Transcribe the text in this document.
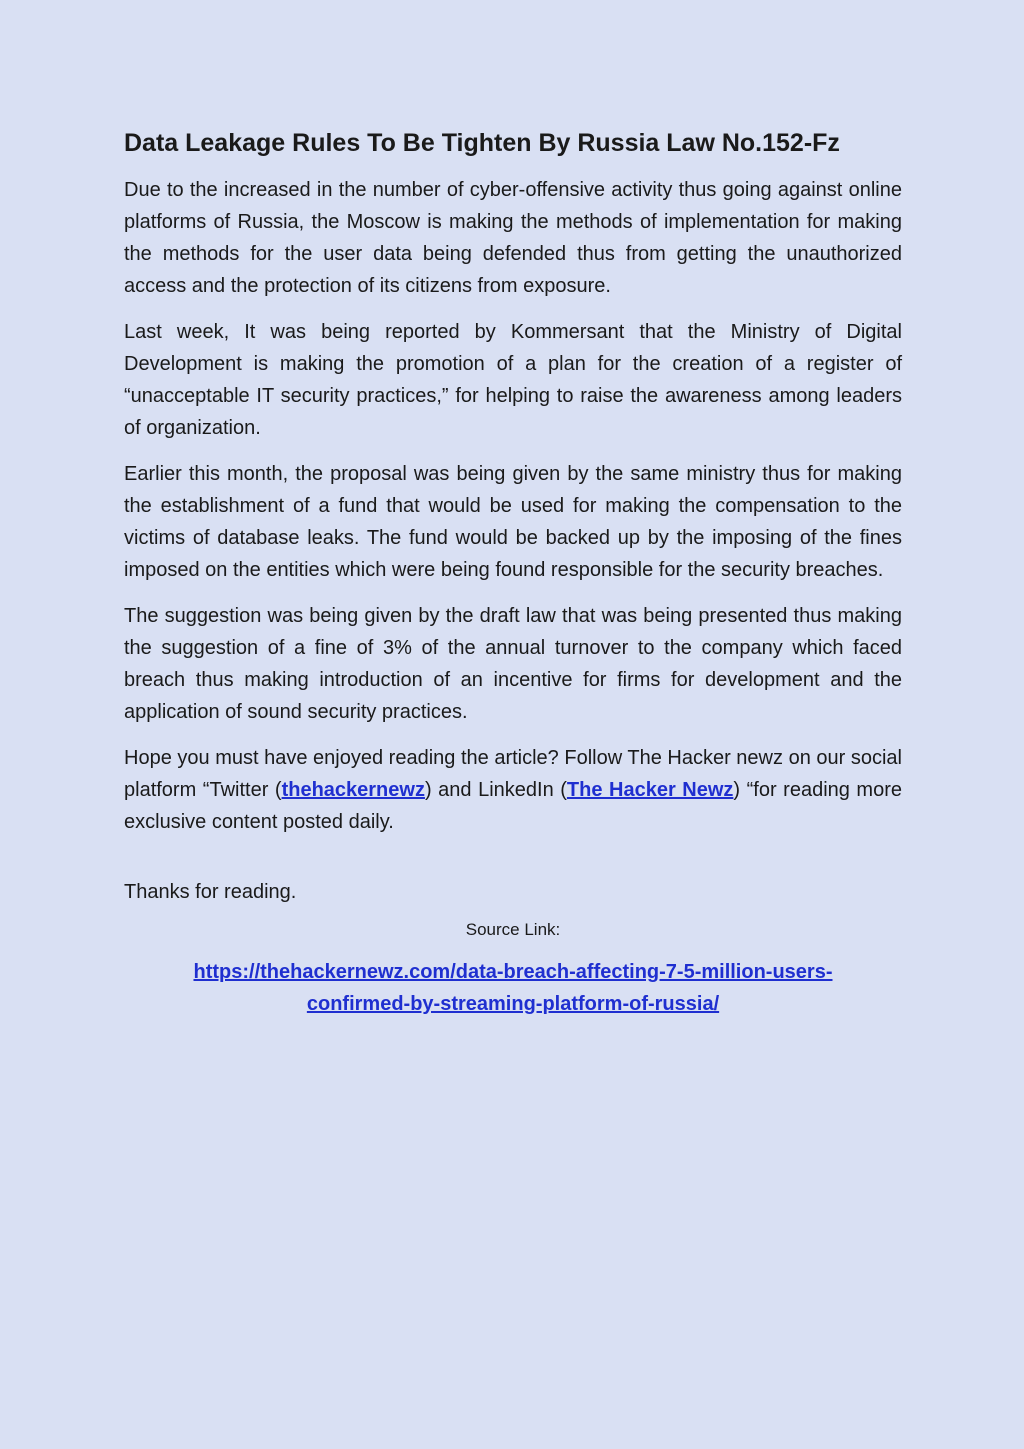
Data Leakage Rules To Be Tighten By Russia Law No.152-Fz

Due to the increased in the number of cyber-offensive activity thus going against online platforms of Russia, the Moscow is making the methods of implementation for making the methods for the user data being defended thus from getting the unauthorized access and the protection of its citizens from exposure.

Last week, It was being reported by Kommersant that the Ministry of Digital Development is making the promotion of a plan for the creation of a register of “unacceptable IT security practices,” for helping to raise the awareness among leaders of organization.

Earlier this month, the proposal was being given by the same ministry thus for making the establishment of a fund that would be used for making the compensation to the victims of database leaks. The fund would be backed up by the imposing of the fines imposed on the entities which were being found responsible for the security breaches.

The suggestion was being given by the draft law that was being presented thus making the suggestion of a fine of 3% of the annual turnover to the company which faced breach thus making introduction of an incentive for firms for development and the application of sound security practices.

Hope you must have enjoyed reading the article? Follow The Hacker newz on our social platform “Twitter (thehackernewz) and LinkedIn (The Hacker Newz) “for reading more exclusive content posted daily.

Thanks for reading.

Source Link:
https://thehackernewz.com/data-breach-affecting-7-5-million-users-confirmed-by-streaming-platform-of-russia/
